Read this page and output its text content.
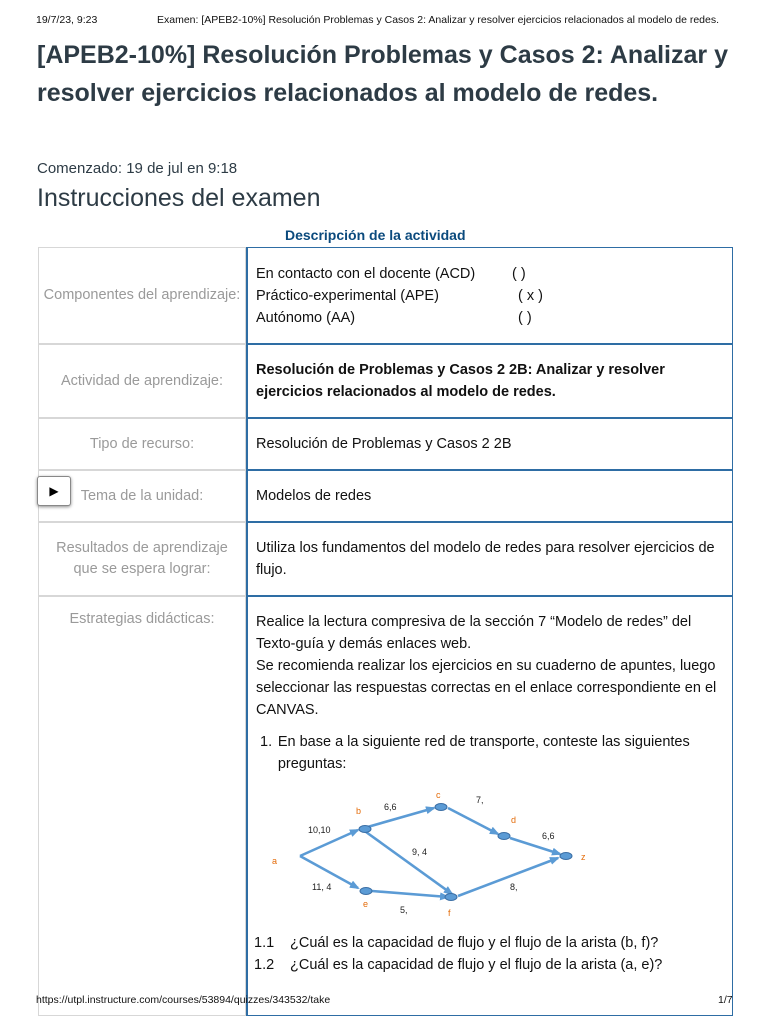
19/7/23, 9:23	Examen: [APEB2-10%] Resolución Problemas y Casos 2: Analizar y resolver ejercicios relacionados al modelo de redes.
[APEB2-10%] Resolución Problemas y Casos 2: Analizar y resolver ejercicios relacionados al modelo de redes.
Comenzado: 19 de jul en 9:18
Instrucciones del examen
Descripción de la actividad
Componentes del aprendizaje:
En contacto con el docente (ACD)	( )
Práctico-experimental (APE)	( x )
Autónomo (AA)	( )
Actividad de aprendizaje:
Resolución de Problemas y Casos 2 2B: Analizar y resolver ejercicios relacionados al modelo de redes.
Tipo de recurso:	Resolución de Problemas y Casos 2 2B
Tema de la unidad:	Modelos de redes
Resultados de aprendizaje que se espera lograr:
Utiliza los fundamentos del modelo de redes para resolver ejercicios de flujo.
Estrategias didácticas:	Realice la lectura compresiva de la sección 7 “Modelo de redes” del Texto-guía y demás enlaces web.
Se recomienda realizar los ejercicios en su cuaderno de apuntes, luego seleccionar las respuestas correctas en el enlace correspondiente en el CANVAS.
1. En base a la siguiente red de transporte, conteste las siguientes preguntas:
a
b
c
d
e
f
z
10,10
6,6
7,
6,6
9, 4
11, 4
5,
8,
1.1 ¿Cuál es la capacidad de flujo y el flujo de la arista (b, f)?
1.2 ¿Cuál es la capacidad de flujo y el flujo de la arista (a, e)?
▶
https://utpl.instructure.com/courses/53894/quizzes/343532/take	1/7
